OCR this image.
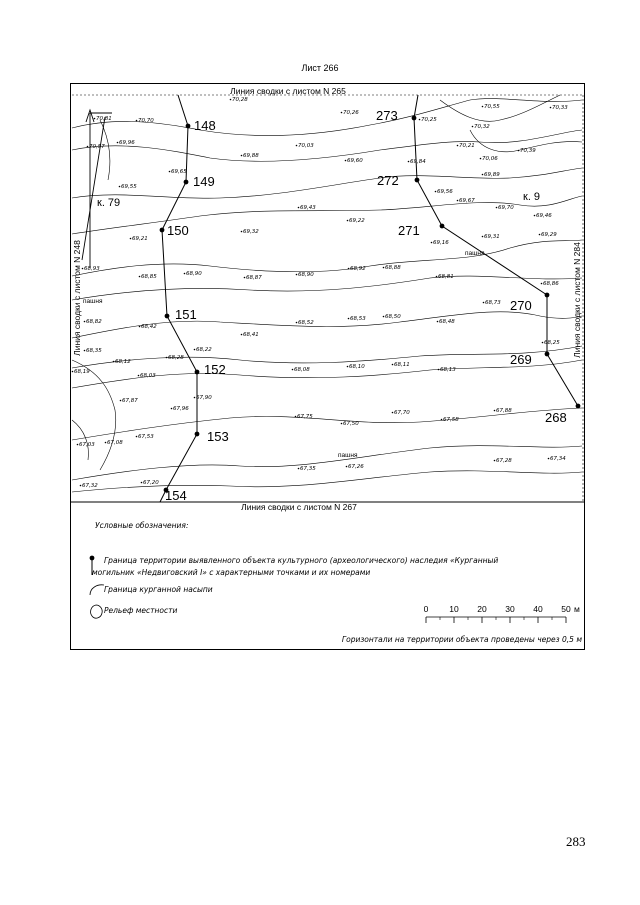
Лист 266
Линия сводки с листом N 265
Линия сводки с листом N 267
Линия сводки с листом N 248	Линия сводки с листом N 284
148
149
150
151
152
153
154
268
269
270
271
272
273
к. 79	к. 9
пашня
пашня
пашня
70,28
70,26
70,25
70,55	70,33
70,70
70,81
70,32
70,21
70,06
70,39
70,57
69,96
69,88
70,03
69,60	69,84
69,89
69,65
69,55
69,56
69,67
69,70
69,46
69,43
69,22
69,32
69,21
69,16
69,31	69,29
68,93
68,85	68,90
68,87	68,90
68,92	68,88
68,81
68,86
68,82
68,42
68,52
68,53	68,50
68,48
68,73
68,41
68,22
68,35
68,12
68,28
68,25
68,19
68,03
68,08	68,10	68,11
68,13
67,87	67,90
67,96
67,75
67,50
67,70
67,58
67,88
67,53
67,08
67,03
67,28	67,34
67,35	67,26
67,20
67,32
Условные обозначения:
Граница территории выявленного объекта культурного (археологического) наследия «Курганный
могильник «Недвиговский I» с характерными точками и их номерами
Граница курганной насыпи
Рельеф местности	0 10 20 30 40 50 м
Горизонтали на территории объекта проведены через 0,5 м
283
